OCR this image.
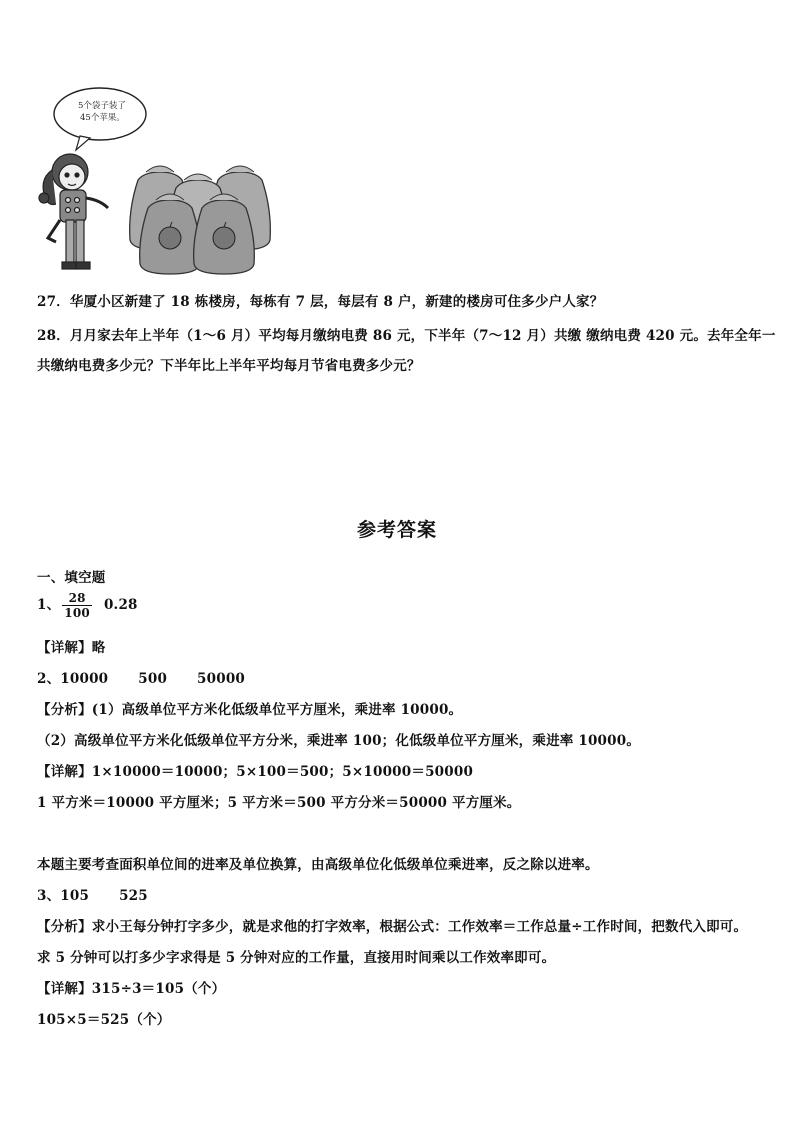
5个袋子装了
45个苹果。
27．华厦小区新建了 18 栋楼房，每栋有 7 层，每层有 8 户，新建的楼房可住多少户人家？
28．月月家去年上半年（1～6 月）平均每月缴纳电费 86 元，下半年（7～12 月）共缴 缴纳电费 420 元。去年全年一
共缴纳电费多少元？下半年比上半年平均每月节省电费多少元？
参考答案
一、填空题
1、 $\frac{28}{100} 0.28$
【详解】略
2、10000 500 50000
【分析】(1）高级单位平方米化低级单位平方厘米，乘进率 10000。
（2）高级单位平方米化低级单位平方分米，乘进率 100；化低级单位平方厘米，乘进率 10000。
【详解】1×10000＝10000；5×100＝500；5×10000＝50000
1 平方米＝10000 平方厘米；5 平方米＝500 平方分米＝50000 平方厘米。
本题主要考查面积单位间的进率及单位换算，由高级单位化低级单位乘进率，反之除以进率。
3、105 525
【分析】求小王每分钟打字多少，就是求他的打字效率，根据公式：工作效率＝工作总量÷工作时间，把数代入即可。
求 5 分钟可以打多少字求得是 5 分钟对应的工作量，直接用时间乘以工作效率即可。
【详解】315÷3＝105（个）
105×5＝525（个）
